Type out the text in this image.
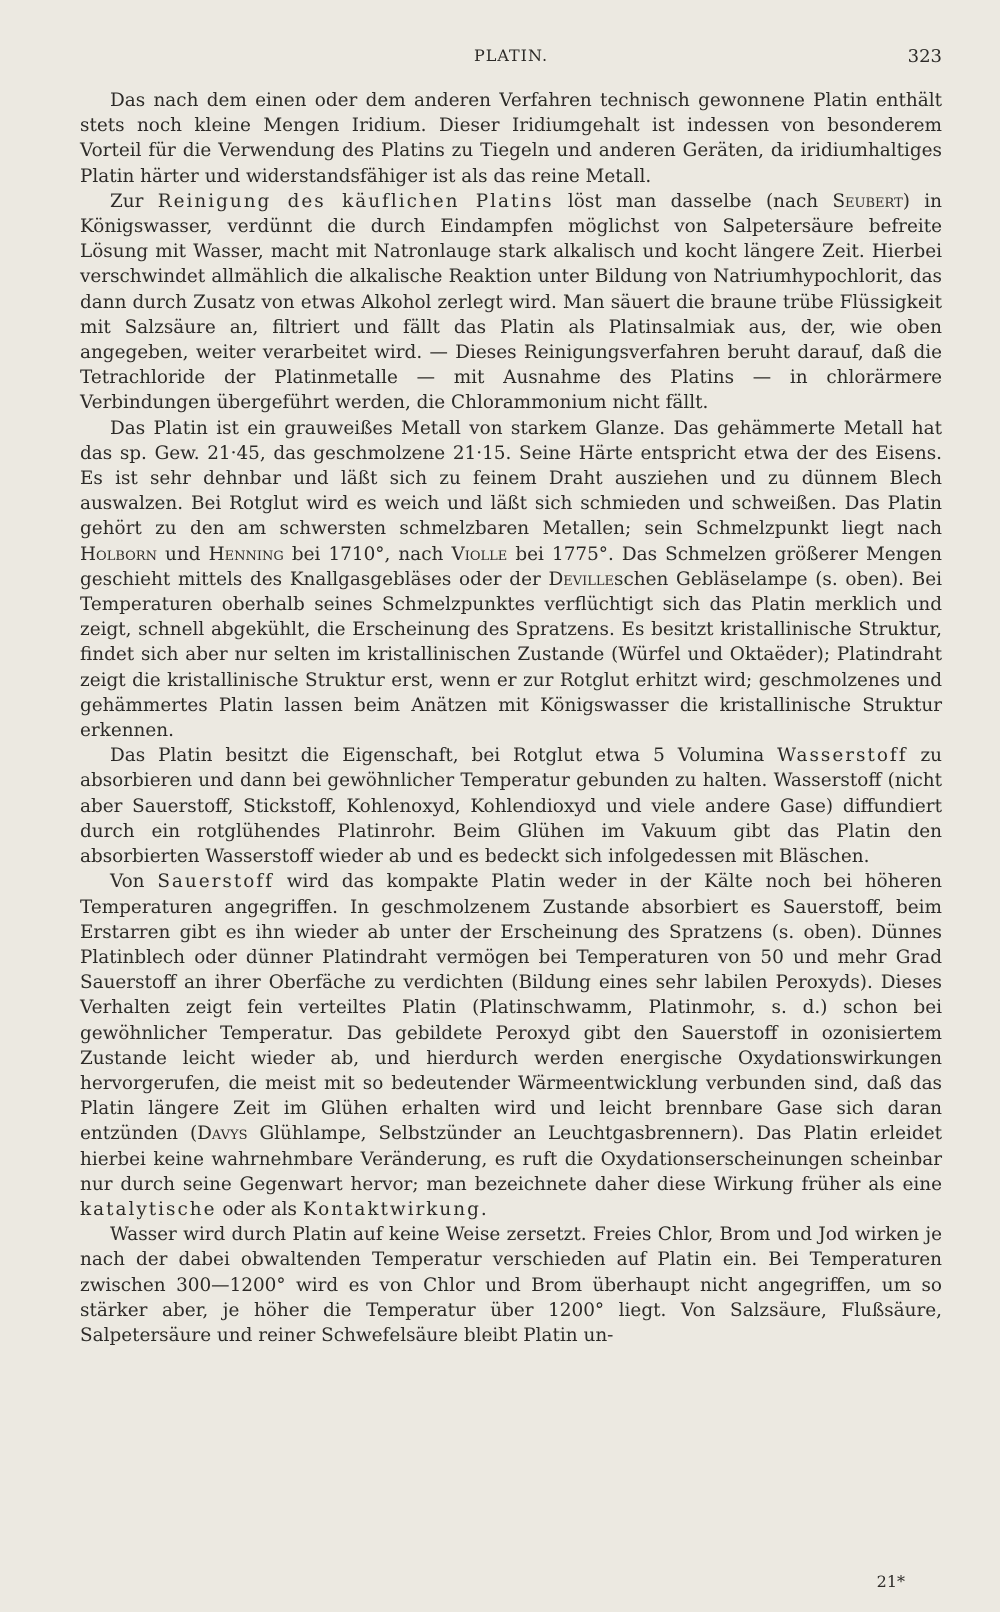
PLATIN.	323

Das nach dem einen oder dem anderen Verfahren technisch gewonnene Platin enthält stets noch kleine Mengen Iridium. Dieser Iridiumgehalt ist indessen von besonderem Vorteil für die Verwendung des Platins zu Tiegeln und anderen Geräten, da iridiumhaltiges Platin härter und widerstandsfähiger ist als das reine Metall.

Zur Reinigung des käuflichen Platins löst man dasselbe (nach Seubert) in Königswasser, verdünnt die durch Eindampfen möglichst von Salpetersäure befreite Lösung mit Wasser, macht mit Natronlauge stark alkalisch und kocht längere Zeit. Hierbei verschwindet allmählich die alkalische Reaktion unter Bildung von Natriumhypochlorit, das dann durch Zusatz von etwas Alkohol zerlegt wird. Man säuert die braune trübe Flüssigkeit mit Salzsäure an, filtriert und fällt das Platin als Platinsalmiak aus, der, wie oben angegeben, weiter verarbeitet wird. — Dieses Reinigungsverfahren beruht darauf, daß die Tetrachloride der Platinmetalle — mit Ausnahme des Platins — in chlorärmere Verbindungen übergeführt werden, die Chlorammonium nicht fällt.

Das Platin ist ein grauweißes Metall von starkem Glanze. Das gehämmerte Metall hat das sp. Gew. 21·45, das geschmolzene 21·15. Seine Härte entspricht etwa der des Eisens. Es ist sehr dehnbar und läßt sich zu feinem Draht ausziehen und zu dünnem Blech auswalzen. Bei Rotglut wird es weich und läßt sich schmieden und schweißen. Das Platin gehört zu den am schwersten schmelzbaren Metallen; sein Schmelzpunkt liegt nach Holborn und Henning bei 1710°, nach Violle bei 1775°. Das Schmelzen größerer Mengen geschieht mittels des Knallgasgebläses oder der Devilleschen Gebläselampe (s. oben). Bei Temperaturen oberhalb seines Schmelzpunktes verflüchtigt sich das Platin merklich und zeigt, schnell abgekühlt, die Erscheinung des Spratzens. Es besitzt kristallinische Struktur, findet sich aber nur selten im kristallinischen Zustande (Würfel und Oktaëder); Platindraht zeigt die kristallinische Struktur erst, wenn er zur Rotglut erhitzt wird; geschmolzenes und gehämmertes Platin lassen beim Anätzen mit Königswasser die kristallinische Struktur erkennen.

Das Platin besitzt die Eigenschaft, bei Rotglut etwa 5 Volumina Wasserstoff zu absorbieren und dann bei gewöhnlicher Temperatur gebunden zu halten. Wasserstoff (nicht aber Sauerstoff, Stickstoff, Kohlenoxyd, Kohlendioxyd und viele andere Gase) diffundiert durch ein rotglühendes Platinrohr. Beim Glühen im Vakuum gibt das Platin den absorbierten Wasserstoff wieder ab und es bedeckt sich infolgedessen mit Bläschen.

Von Sauerstoff wird das kompakte Platin weder in der Kälte noch bei höheren Temperaturen angegriffen. In geschmolzenem Zustande absorbiert es Sauerstoff, beim Erstarren gibt es ihn wieder ab unter der Erscheinung des Spratzens (s. oben). Dünnes Platinblech oder dünner Platindraht vermögen bei Temperaturen von 50 und mehr Grad Sauerstoff an ihrer Oberfäche zu verdichten (Bildung eines sehr labilen Peroxyds). Dieses Verhalten zeigt fein verteiltes Platin (Platinschwamm, Platinmohr, s. d.) schon bei gewöhnlicher Temperatur. Das gebildete Peroxyd gibt den Sauerstoff in ozonisiertem Zustande leicht wieder ab, und hierdurch werden energische Oxydationswirkungen hervorgerufen, die meist mit so bedeutender Wärmeentwicklung verbunden sind, daß das Platin längere Zeit im Glühen erhalten wird und leicht brennbare Gase sich daran entzünden (Davys Glühlampe, Selbstzünder an Leuchtgasbrennern). Das Platin erleidet hierbei keine wahrnehmbare Veränderung, es ruft die Oxydationserscheinungen scheinbar nur durch seine Gegenwart hervor; man bezeichnete daher diese Wirkung früher als eine katalytische oder als Kontaktwirkung.

Wasser wird durch Platin auf keine Weise zersetzt. Freies Chlor, Brom und Jod wirken je nach der dabei obwaltenden Temperatur verschieden auf Platin ein. Bei Temperaturen zwischen 300—1200° wird es von Chlor und Brom überhaupt nicht angegriffen, um so stärker aber, je höher die Temperatur über 1200° liegt. Von Salzsäure, Flußsäure, Salpetersäure und reiner Schwefelsäure bleibt Platin un-

21*
